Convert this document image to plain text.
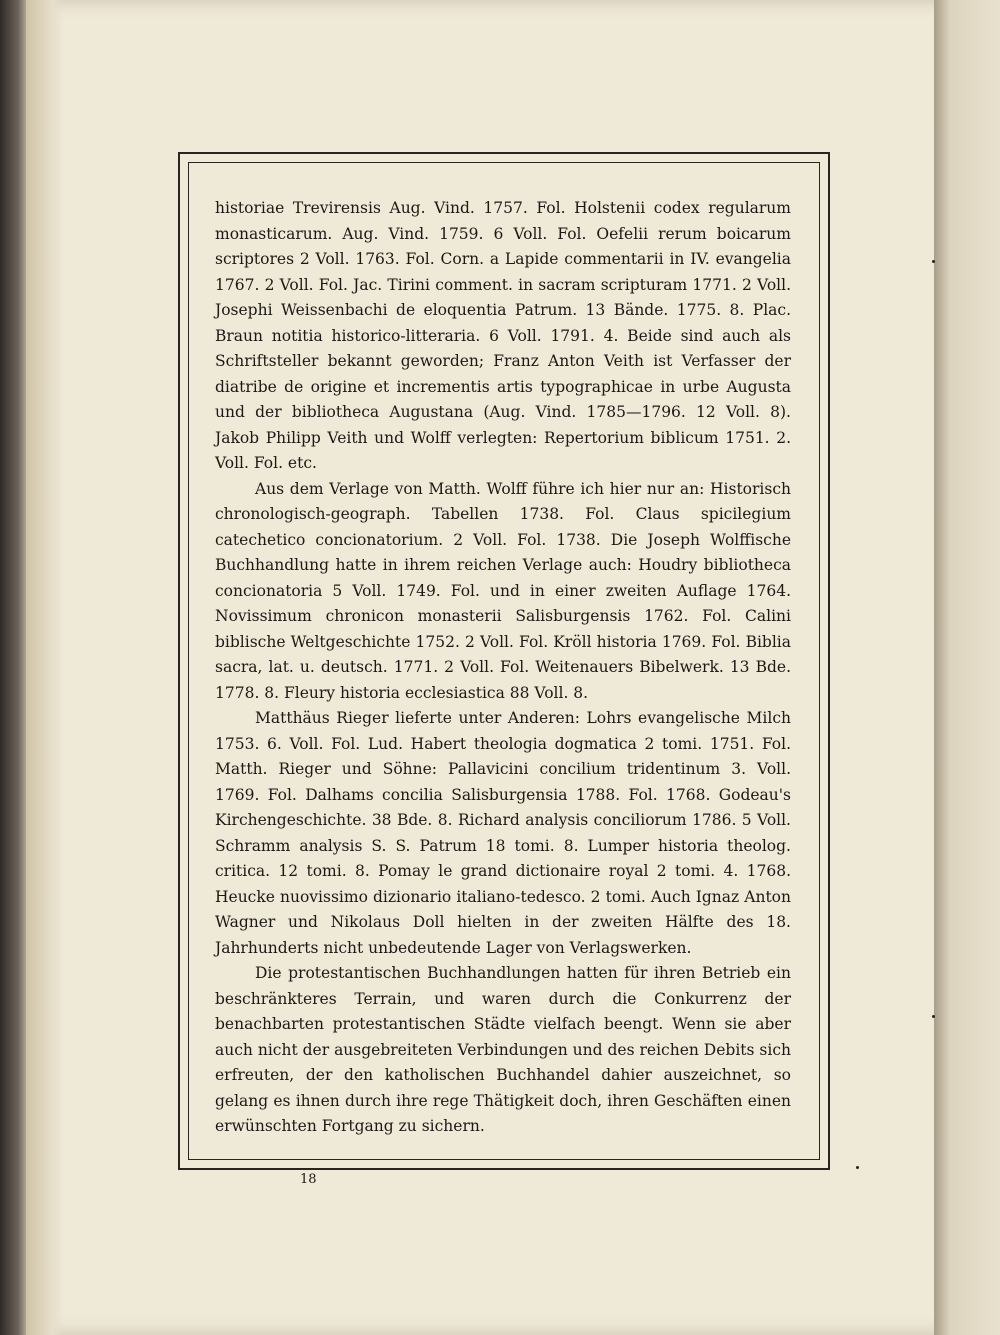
historiae Trevirensis Aug. Vind. 1757. Fol. Holstenii codex regularum monasticarum. Aug. Vind. 1759. 6 Voll. Fol. Oefelii rerum boicarum scriptores 2 Voll. 1763. Fol. Corn. a Lapide commentarii in IV. evangelia 1767. 2 Voll. Fol. Jac. Tirini comment. in sacram scripturam 1771. 2 Voll. Josephi Weissenbachi de eloquentia Patrum. 13 Bände. 1775. 8. Plac. Braun notitia historico-litteraria. 6 Voll. 1791. 4. Beide sind auch als Schriftsteller bekannt geworden; Franz Anton Veith ist Verfasser der diatribe de origine et incrementis artis typographicae in urbe Augusta und der bibliotheca Augustana (Aug. Vind. 1785—1796. 12 Voll. 8). Jakob Philipp Veith und Wolff verlegten: Repertorium biblicum 1751. 2. Voll. Fol. etc.

Aus dem Verlage von Matth. Wolff führe ich hier nur an: Historisch chronologisch-geograph. Tabellen 1738. Fol. Claus spicilegium catechetico concionatorium. 2 Voll. Fol. 1738. Die Joseph Wolffische Buchhandlung hatte in ihrem reichen Verlage auch: Houdry bibliotheca concionatoria 5 Voll. 1749. Fol. und in einer zweiten Auflage 1764. Novissimum chronicon monasterii Salisburgensis 1762. Fol. Calini biblische Weltgeschichte 1752. 2 Voll. Fol. Kröll historia 1769. Fol. Biblia sacra, lat. u. deutsch. 1771. 2 Voll. Fol. Weitenauers Bibelwerk. 13 Bde. 1778. 8. Fleury historia ecclesiastica 88 Voll. 8.

Matthäus Rieger lieferte unter Anderen: Lohrs evangelische Milch 1753. 6. Voll. Fol. Lud. Habert theologia dogmatica 2 tomi. 1751. Fol. Matth. Rieger und Söhne: Pallavicini concilium tridentinum 3. Voll. 1769. Fol. Dalhams concilia Salisburgensia 1788. Fol. 1768. Godeau's Kirchengeschichte. 38 Bde. 8. Richard analysis conciliorum 1786. 5 Voll. Schramm analysis S. S. Patrum 18 tomi. 8. Lumper historia theolog. critica. 12 tomi. 8. Pomay le grand dictionaire royal 2 tomi. 4. 1768. Heucke nuovissimo dizionario italiano-tedesco. 2 tomi. Auch Ignaz Anton Wagner und Nikolaus Doll hielten in der zweiten Hälfte des 18. Jahrhunderts nicht unbedeutende Lager von Verlagswerken.

Die protestantischen Buchhandlungen hatten für ihren Betrieb ein beschränkteres Terrain, und waren durch die Conkurrenz der benachbarten protestantischen Städte vielfach beengt. Wenn sie aber auch nicht der ausgebreiteten Verbindungen und des reichen Debits sich erfreuten, der den katholischen Buchhandel dahier auszeichnet, so gelang es ihnen durch ihre rege Thätigkeit doch, ihren Geschäften einen erwünschten Fortgang zu sichern.

18
